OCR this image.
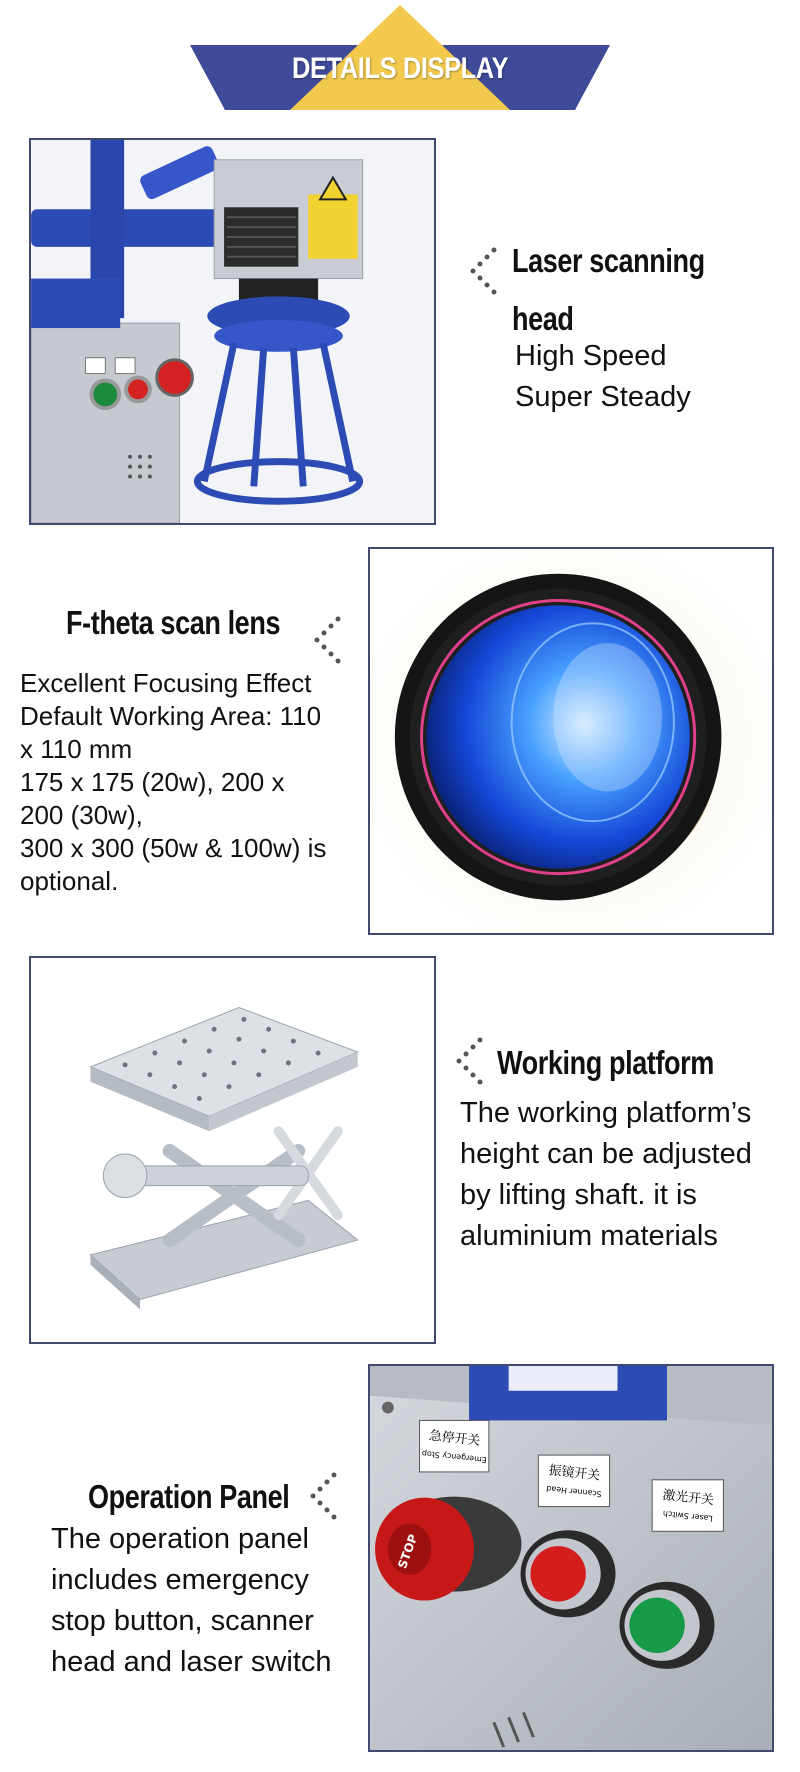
DETAILS DISPLAY
Laser scanning
head
High Speed
Super Steady
F-theta scan lens
Excellent Focusing Effect
Default Working Area: 110
x 110 mm
175 x 175 (20w), 200 x
200 (30w),
300 x 300 (50w & 100w) is
optional.
Working platform
The working platform’s
height can be adjusted
by lifting shaft. it is
aluminium materials
Operation Panel
The operation panel
includes emergency
stop button, scanner
head and laser switch
急停开关
Emergency Stop
振镜开关
Scanner Head	激光开关
Laser Switch
STOP
